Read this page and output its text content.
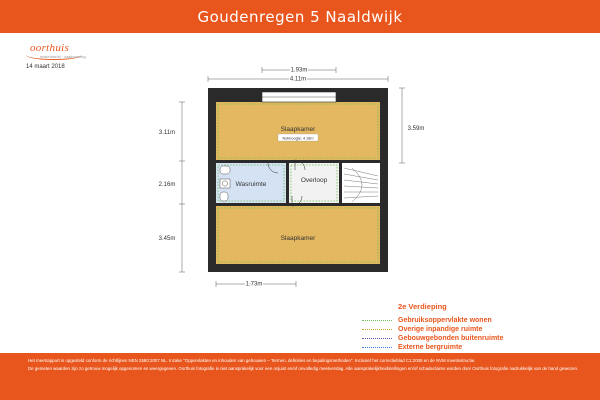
Goudenregen 5 Naaldwijk
oorthuis
makelaardij · zaakvoering
14 maart 2018
Slaapkamer
Nokhoogte: 4.18m
Wasruimte
Overloop
Slaapkamer
1.93m
4.11m
3.11m
2.16m
3.45m
3.59m
1.73m
2e Verdieping
Gebruiksoppervlakte wonen
Overige inpandige ruimte
Gebouwgebonden buitenruimte
Externe bergruimte

Het meetrapport is opgesteld conform de richtlijnen NEN 2580:2007 NL. Inzake "Oppervlakten en inhouden van gebouwen – Termen, definities en bepalingsmethoden". Inclusief het correctieblad C1:2008 en de NVM meetinstructie.

De gemeten waarden zijn zo getrouw mogelijk opgenomen en weergegeven. Oorthuis fotografie is niet aansprakelijk voor een onjuist en/of onvolledig meetverslag. Alle aansprakelijkheidstellingen en/of schadeclaims worden door Oorthuis fotografie nadrukkelijk van de hand gewezen.
